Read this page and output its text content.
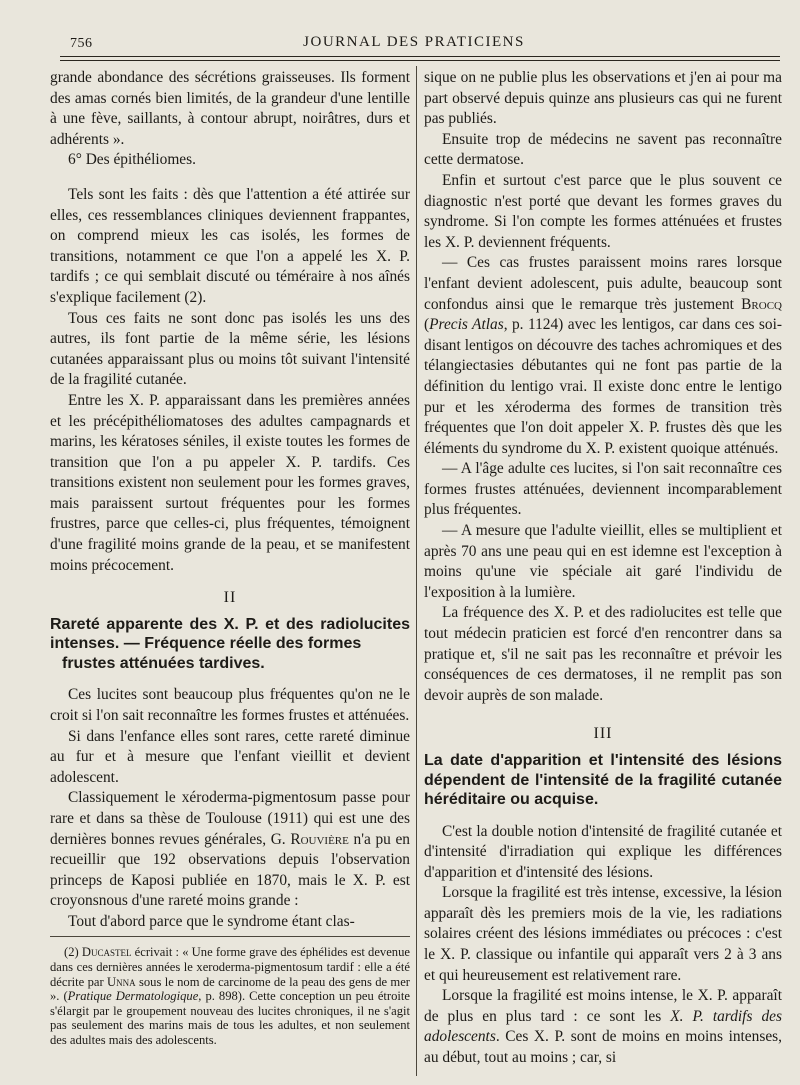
756	JOURNAL DES PRATICIENS

grande abondance des sécrétions graisseuses. Ils forment des amas cornés bien limités, de la grandeur d'une lentille à une fève, saillants, à contour abrupt, noirâtres, durs et adhérents ».

6° Des épithéliomes.

Tels sont les faits : dès que l'attention a été attirée sur elles, ces ressemblances cliniques deviennent frappantes, on comprend mieux les cas isolés, les formes de transitions, notamment ce que l'on a appelé les X. P. tardifs ; ce qui semblait discuté ou téméraire à nos aînés s'explique facilement (2).

Tous ces faits ne sont donc pas isolés les uns des autres, ils font partie de la même série, les lésions cutanées apparaissant plus ou moins tôt suivant l'intensité de la fragilité cutanée.

Entre les X. P. apparaissant dans les premières années et les précépithéliomatoses des adultes campagnards et marins, les kératoses séniles, il existe toutes les formes de transition que l'on a pu appeler X. P. tardifs. Ces transitions existent non seulement pour les formes graves, mais paraissent surtout fréquentes pour les formes frustres, parce que celles-ci, plus fréquentes, témoignent d'une fragilité moins grande de la peau, et se manifestent moins précocement.

II
Rareté apparente des X. P. et des radiolucites intenses. — Fréquence réelle des formes
frustes atténuées tardives.

Ces lucites sont beaucoup plus fréquentes qu'on ne le croit si l'on sait reconnaître les formes frustes et atténuées.

Si dans l'enfance elles sont rares, cette rareté diminue au fur et à mesure que l'enfant vieillit et devient adolescent.

Classiquement le xéroderma-pigmentosum passe pour rare et dans sa thèse de Toulouse (1911) qui est une des dernières bonnes revues générales, G. Rouvière n'a pu en recueillir que 192 observations depuis l'observation princeps de Kaposi publiée en 1870, mais le X. P. est croyonsnous d'une rareté moins grande :

Tout d'abord parce que le syndrome étant clas-

(2) Ducastel écrivait : « Une forme grave des éphélides est devenue dans ces dernières années le xeroderma-pigmentosum tardif : elle a été décrite par Unna sous le nom de carcinome de la peau des gens de mer ». (Pratique Dermatologique, p. 898). Cette conception un peu étroite s'élargit par le groupement nouveau des lucites chroniques, il ne s'agit pas seulement des marins mais de tous les adultes, et non seulement des adultes mais des adolescents.

sique on ne publie plus les observations et j'en ai pour ma part observé depuis quinze ans plusieurs cas qui ne furent pas publiés.

Ensuite trop de médecins ne savent pas reconnaître cette dermatose.

Enfin et surtout c'est parce que le plus souvent ce diagnostic n'est porté que devant les formes graves du syndrome. Si l'on compte les formes atténuées et frustes les X. P. deviennent fréquents.

— Ces cas frustes paraissent moins rares lorsque l'enfant devient adolescent, puis adulte, beaucoup sont confondus ainsi que le remarque très justement Brocq (Precis Atlas, p. 1124) avec les lentigos, car dans ces soi-disant lentigos on découvre des taches achromiques et des télangiectasies débutantes qui ne font pas partie de la définition du lentigo vrai. Il existe donc entre le lentigo pur et les xéroderma des formes de transition très fréquentes que l'on doit appeler X. P. frustes dès que les éléments du syndrome du X. P. existent quoique atténués.

— A l'âge adulte ces lucites, si l'on sait reconnaître ces formes frustes atténuées, deviennent incomparablement plus fréquentes.

— A mesure que l'adulte vieillit, elles se multiplient et après 70 ans une peau qui en est idemne est l'exception à moins qu'une vie spéciale ait garé l'individu de l'exposition à la lumière.

La fréquence des X. P. et des radiolucites est telle que tout médecin praticien est forcé d'en rencontrer dans sa pratique et, s'il ne sait pas les reconnaître et prévoir les conséquences de ces dermatoses, il ne remplit pas son devoir auprès de son malade.

III
La date d'apparition et l'intensité des lésions dépendent de l'intensité de la fragilité cutanée héréditaire ou acquise.

C'est la double notion d'intensité de fragilité cutanée et d'intensité d'irradiation qui explique les différences d'apparition et d'intensité des lésions.

Lorsque la fragilité est très intense, excessive, la lésion apparaît dès les premiers mois de la vie, les radiations solaires créent des lésions immédiates ou précoces : c'est le X. P. classique ou infantile qui apparaît vers 2 à 3 ans et qui heureusement est relativement rare.

Lorsque la fragilité est moins intense, le X. P. apparaît de plus en plus tard : ce sont les X. P. tardifs des adolescents. Ces X. P. sont de moins en moins intenses, au début, tout au moins ; car, si
